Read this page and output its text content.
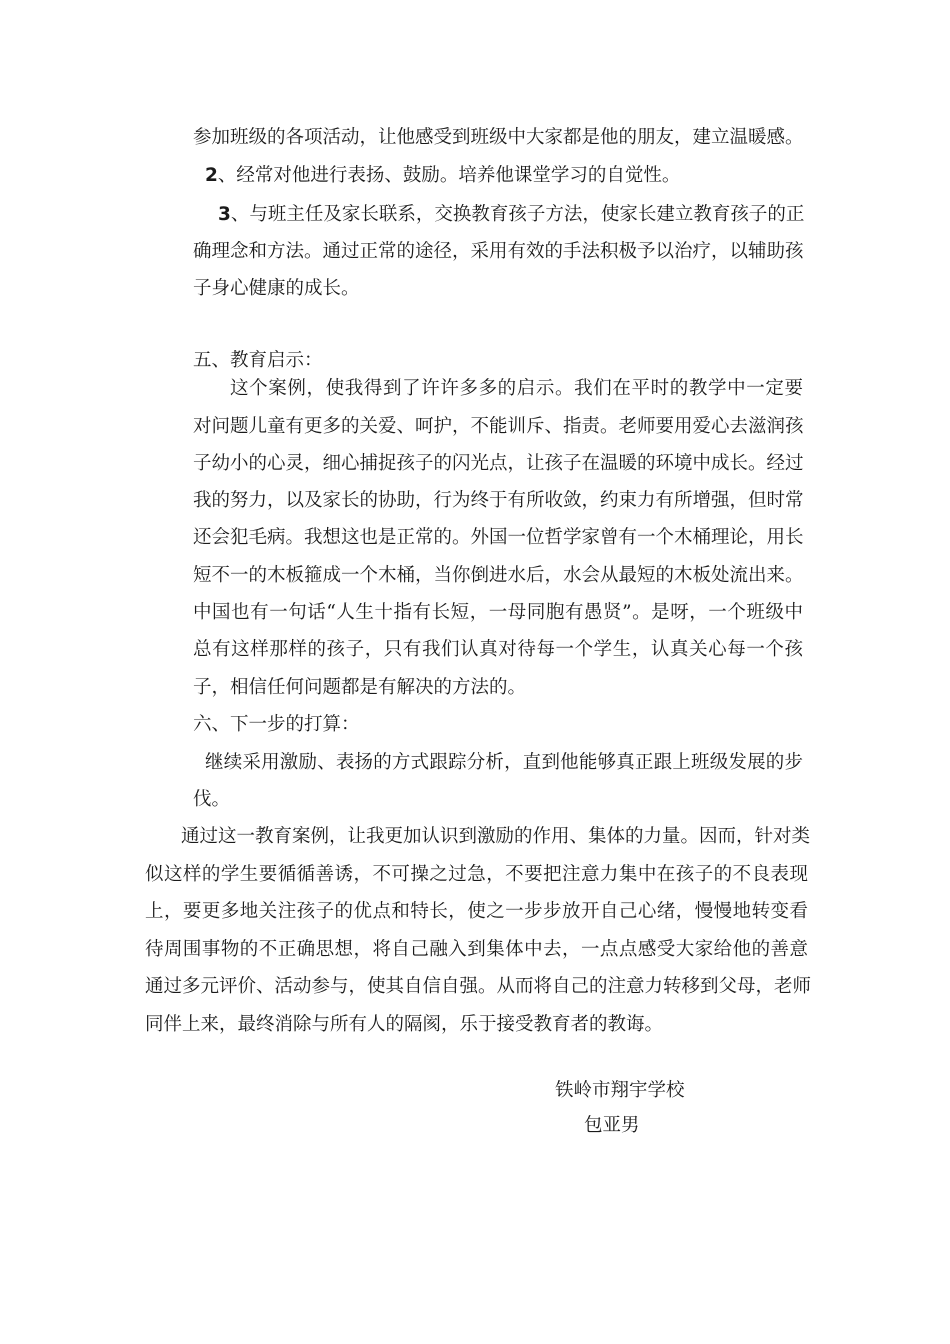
参加班级的各项活动，让他感受到班级中大家都是他的朋友，建立温暖感。
2、经常对他进行表扬、鼓励。培养他课堂学习的自觉性。
3、与班主任及家长联系，交换教育孩子方法，使家长建立教育孩子的正
确理念和方法。通过正常的途径，采用有效的手法积极予以治疗，以辅助孩
子身心健康的成长。
五、教育启示：
这个案例，使我得到了许许多多的启示。我们在平时的教学中一定要
对问题儿童有更多的关爱、呵护，不能训斥、指责。老师要用爱心去滋润孩
子幼小的心灵，细心捕捉孩子的闪光点，让孩子在温暖的环境中成长。经过
我的努力，以及家长的协助，行为终于有所收敛，约束力有所增强，但时常
还会犯毛病。我想这也是正常的。外国一位哲学家曾有一个木桶理论，用长
短不一的木板箍成一个木桶，当你倒进水后，水会从最短的木板处流出来。
中国也有一句话“人生十指有长短，一母同胞有愚贤”。是呀，一个班级中
总有这样那样的孩子，只有我们认真对待每一个学生，认真关心每一个孩
子，相信任何问题都是有解决的方法的。
六、下一步的打算：
继续采用激励、表扬的方式跟踪分析，直到他能够真正跟上班级发展的步
伐。
通过这一教育案例，让我更加认识到激励的作用、集体的力量。因而，针对类
似这样的学生要循循善诱，不可操之过急，不要把注意力集中在孩子的不良表现
上，要更多地关注孩子的优点和特长，使之一步步放开自己心绪，慢慢地转变看
待周围事物的不正确思想，将自己融入到集体中去，一点点感受大家给他的善意
通过多元评价、活动参与，使其自信自强。从而将自己的注意力转移到父母，老师
同伴上来，最终消除与所有人的隔阂，乐于接受教育者的教诲。
铁岭市翔宇学校
包亚男
